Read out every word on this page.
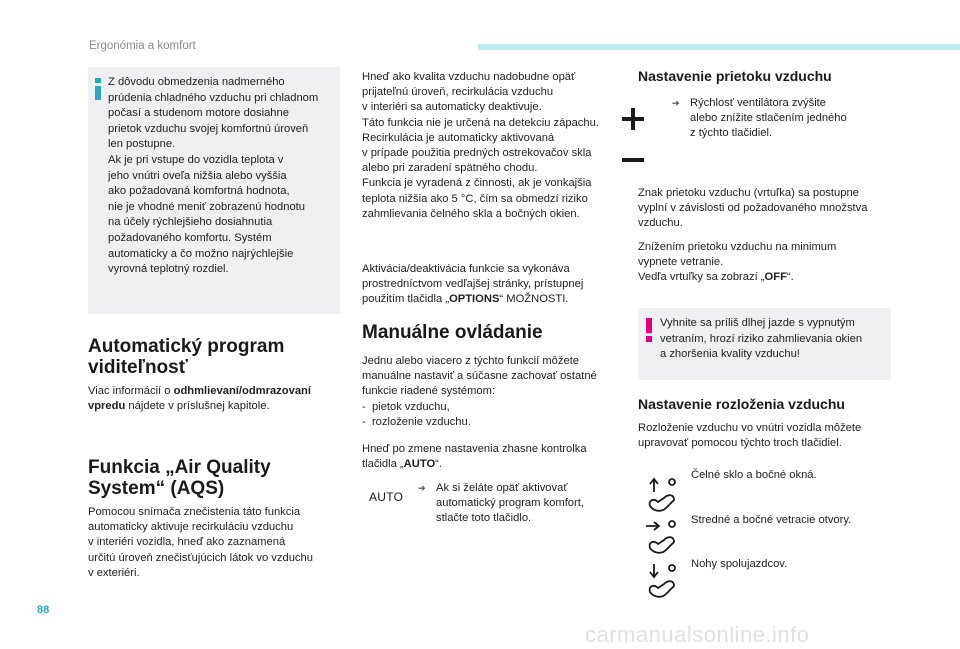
Ergonómia a komfort
Z dôvodu obmedzenia nadmerného
prúdenia chladného vzduchu pri chladnom
počasí a studenom motore dosiahne
prietok vzduchu svojej komfortnú úroveň
len postupne.
Ak je pri vstupe do vozidla teplota v
jeho vnútri oveľa nižšia alebo vyššia
ako požadovaná komfortná hodnota,
nie je vhodné meniť zobrazenú hodnotu
na účely rýchlejšieho dosiahnutia
požadovaného komfortu. Systém
automaticky a čo možno najrýchlejšie
vyrovná teplotný rozdiel.
Automatický program
viditeľnosť
Viac informácií o odhmlievaní/odmrazovaní
vpredu nájdete v príslušnej kapitole.
Funkcia „Air Quality
System“ (AQS)
Pomocou snímača znečistenia táto funkcia
automaticky aktivuje recirkuláciu vzduchu
v interiéri vozidla, hneď ako zaznamená
určitú úroveň znečisťujúcich látok vo vzduchu
v exteriéri.
Hneď ako kvalita vzduchu nadobudne opäť
prijateľnú úroveň, recirkulácia vzduchu
v interiéri sa automaticky deaktivuje.
Táto funkcia nie je určená na detekciu zápachu.
Recirkulácia je automaticky aktivovaná
v prípade použitia predných ostrekovačov skla
alebo pri zaradení spätného chodu.
Funkcia je vyradená z činnosti, ak je vonkajšia
teplota nižšia ako 5 °C, čím sa obmedzí riziko
zahmlievania čelného skla a bočných okien.
Aktivácia/deaktivácia funkcie sa vykonáva
prostredníctvom vedľajšej stránky, prístupnej
použitím tlačidla „OPTIONS“ MOŽNOSTI.
Manuálne ovládanie
Jednu alebo viacero z týchto funkcií môžete
manuálne nastaviť a súčasne zachovať ostatné
funkcie riadené systémom:
-  pietok vzduchu,
-  rozloženie vzduchu.
Hneď po zmene nastavenia zhasne kontrolka
tlačidla „AUTO“.
AUTO
➔ Ak si želáte opäť aktivovať
automatický program komfort,
stlačte toto tlačidlo.
Nastavenie prietoku vzduchu
➔ Rýchlosť ventilátora zvýšite
alebo znížite stlačením jedného
z týchto tlačidiel.
Znak prietoku vzduchu (vrtuľka) sa postupne
vyplní v závislosti od požadovaného množstva
vzduchu.
Znížením prietoku vzduchu na minimum
vypnete vetranie.
Vedľa vrtuľky sa zobrazí „OFF“.
Vyhnite sa príliš dlhej jazde s vypnutým
vetraním, hrozí riziko zahmlievania okien
a zhoršenia kvality vzduchu!
Nastavenie rozloženia vzduchu
Rozloženie vzduchu vo vnútri vozidla môžete
upravovať pomocou týchto troch tlačidiel.
Čelné sklo a bočné okná.
Stredné a bočné vetracie otvory.
Nohy spolujazdcov.
88
carmanualsonline.info
